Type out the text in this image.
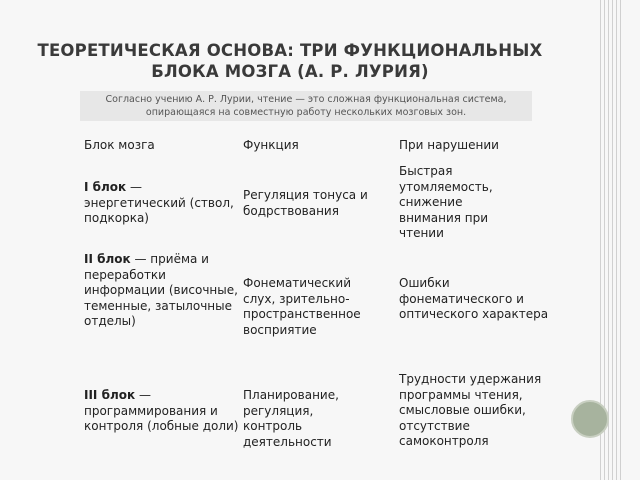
ТЕОРЕТИЧЕСКАЯ ОСНОВА: ТРИ ФУНКЦИОНАЛЬНЫХ БЛОКА МОЗГА (А. Р. ЛУРИЯ)
Согласно учению А. Р. Лурии, чтение — это сложная функциональная система, опирающаяся на совместную работу нескольких мозговых зон.
Блок мозга	Функция	При нарушении
I блок — энергетический (ствол, подкорка)
Регуляция тонуса и бодрствования
Быстрая утомляемость, снижение внимания при чтении
II блок — приёма и переработки информации (височные, теменные, затылочные отделы)
Фонематический слух, зрительно-пространственное восприятие
Ошибки фонематического и оптического характера
III блок — программирования и контроля (лобные доли)
Планирование, регуляция, контроль деятельности
Трудности удержания программы чтения, смысловые ошибки, отсутствие самоконтроля
